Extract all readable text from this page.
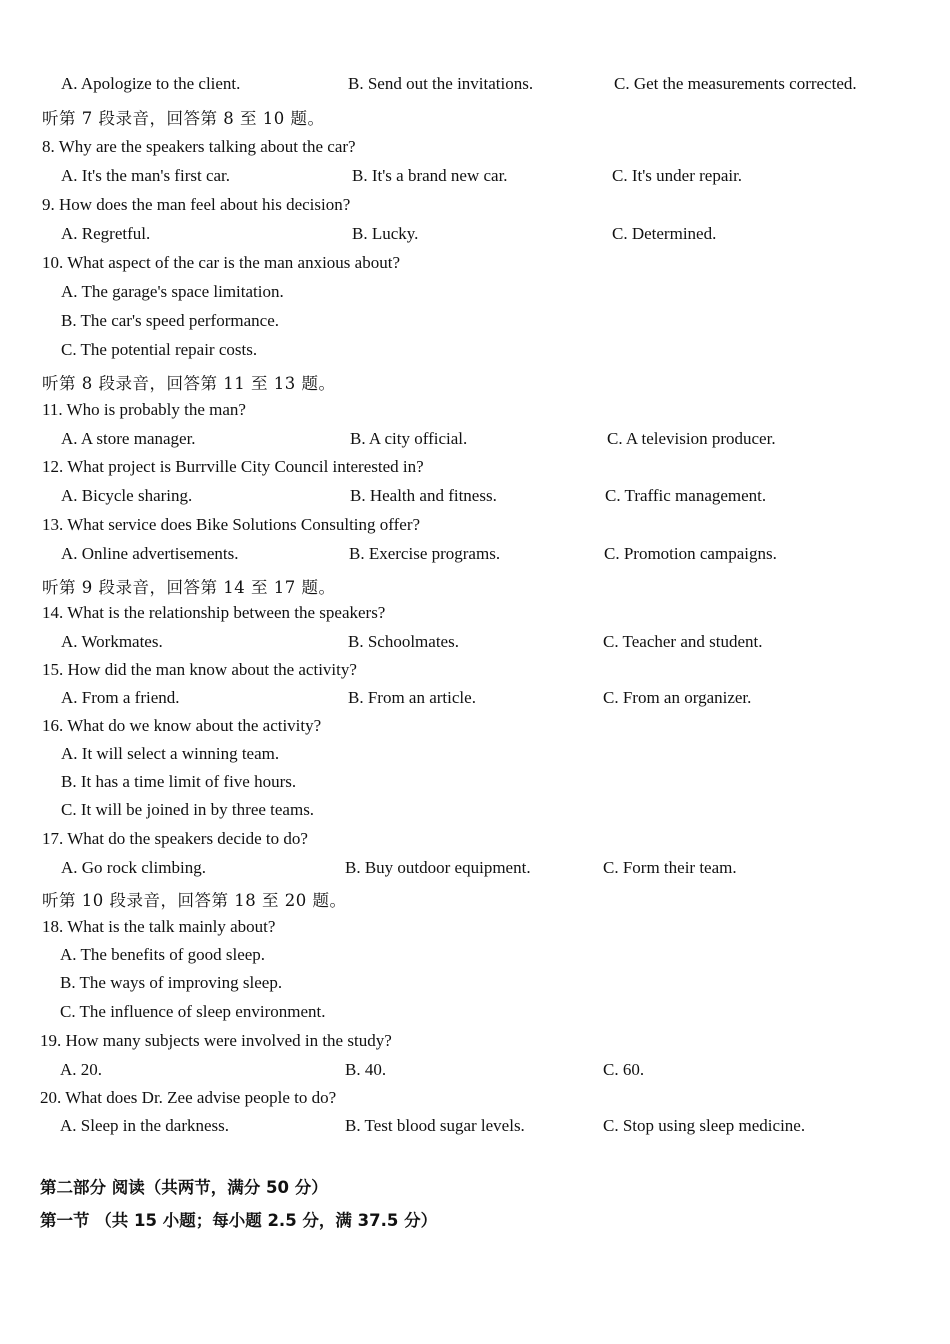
A. Apologize to the client.	B. Send out the invitations.	C. Get the measurements corrected.
听第 7 段录音，回答第 8 至 10 题。
8. Why are the speakers talking about the car?
A. It's the man's first car.	B. It's a brand new car.	C. It's under repair.
9. How does the man feel about his decision?
A. Regretful.	B. Lucky.	C. Determined.
10. What aspect of the car is the man anxious about?
A. The garage's space limitation.
B. The car's speed performance.
C. The potential repair costs.
听第 8 段录音，回答第 11 至 13 题。
11. Who is probably the man?
A. A store manager.	B. A city official.	C. A television producer.
12. What project is Burrville City Council interested in?
A. Bicycle sharing.	B. Health and fitness.	C. Traffic management.
13. What service does Bike Solutions Consulting offer?
A. Online advertisements.	B. Exercise programs.	C. Promotion campaigns.
听第 9 段录音，回答第 14 至 17 题。
14. What is the relationship between the speakers?
A. Workmates.	B. Schoolmates.	C. Teacher and student.
15. How did the man know about the activity?
A. From a friend.	B. From an article.	C. From an organizer.
16. What do we know about the activity?
A. It will select a winning team.
B. It has a time limit of five hours.
C. It will be joined in by three teams.
17. What do the speakers decide to do?
A. Go rock climbing.	B. Buy outdoor equipment.	C. Form their team.
听第 10 段录音，回答第 18 至 20 题。
18. What is the talk mainly about?
A. The benefits of good sleep.
B. The ways of improving sleep.
C. The influence of sleep environment.
19. How many subjects were involved in the study?
A. 20.	B. 40.	C. 60.
20. What does Dr. Zee advise people to do?
A. Sleep in the darkness.	B. Test blood sugar levels.	C. Stop using sleep medicine.
第二部分 阅读（共两节，满分 50 分）
第一节 （共 15 小题；每小题 2.5 分，满 37.5 分）
